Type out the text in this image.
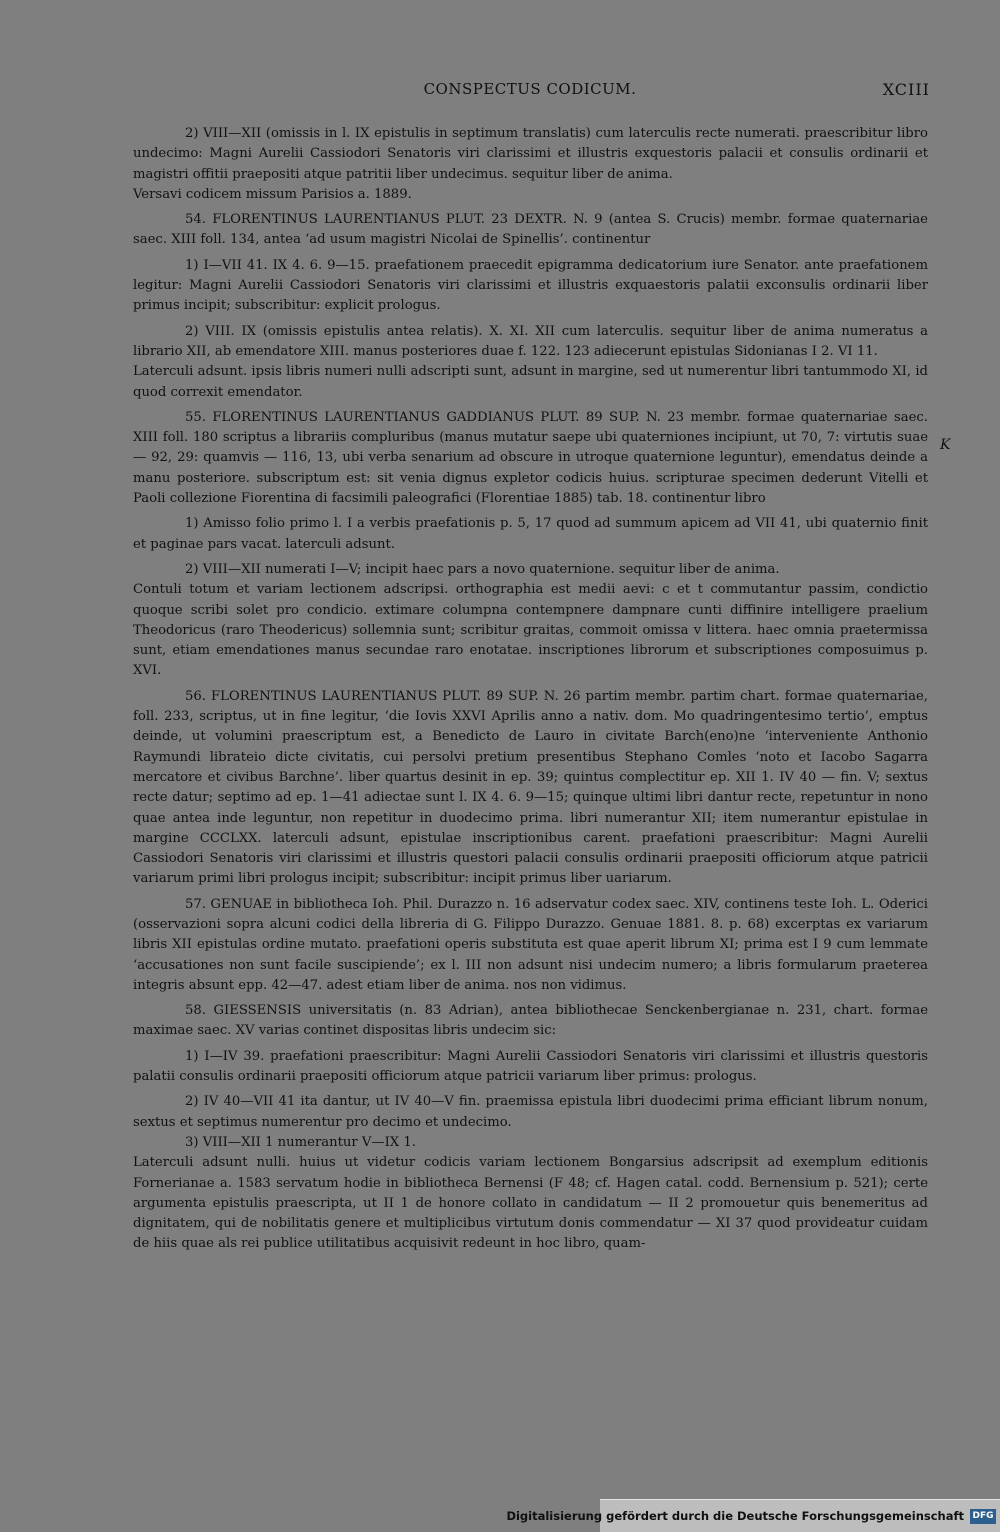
CONSPECTUS CODICUM.	XCIII
K

2) VIII—XII (omissis in l. IX epistulis in septimum translatis) cum laterculis recte numerati. praescribitur libro undecimo: Magni Aurelii Cassiodori Senatoris viri clarissimi et illustris exquestoris palacii et consulis ordinarii et magistri offitii praepositi atque patritii liber undecimus. sequitur liber de anima.

Versavi codicem missum Parisios a. 1889.

54. FLORENTINUS LAURENTIANUS PLUT. 23 DEXTR. N. 9 (antea S. Crucis) membr. formae quaternariae saec. XIII foll. 134, antea ‘ad usum magistri Nicolai de Spinellis’. continentur

1) I—VII 41. IX 4. 6. 9—15. praefationem praecedit epigramma dedicatorium iure Senator. ante praefationem legitur: Magni Aurelii Cassiodori Senatoris viri clarissimi et illustris exquaestoris palatii exconsulis ordinarii liber primus incipit; subscribitur: explicit prologus.

2) VIII. IX (omissis epistulis antea relatis). X. XI. XII cum laterculis. sequitur liber de anima numeratus a librario XII, ab emendatore XIII. manus posteriores duae f. 122. 123 adiecerunt epistulas Sidonianas I 2. VI 11.

Laterculi adsunt. ipsis libris numeri nulli adscripti sunt, adsunt in margine, sed ut numerentur libri tantummodo XI, id quod correxit emendator.

55. FLORENTINUS LAURENTIANUS GADDIANUS PLUT. 89 SUP. N. 23 membr. formae quaternariae saec. XIII foll. 180 scriptus a librariis compluribus (manus mutatur saepe ubi quaterniones incipiunt, ut 70, 7: virtutis suae — 92, 29: quamvis — 116, 13, ubi verba senarium ad obscure in utroque quaternione leguntur), emendatus deinde a manu posteriore. subscriptum est: sit venia dignus expletor codicis huius. scripturae specimen dederunt Vitelli et Paoli collezione Fiorentina di facsimili paleografici (Florentiae 1885) tab. 18. continentur libro

1) Amisso folio primo l. I a verbis praefationis p. 5, 17 quod ad summum apicem ad VII 41, ubi quaternio finit et paginae pars vacat. laterculi adsunt.

2) VIII—XII numerati I—V; incipit haec pars a novo quaternione. sequitur liber de anima.

Contuli totum et variam lectionem adscripsi. orthographia est medii aevi: c et t commutantur passim, condictio quoque scribi solet pro condicio. extimare columpna contempnere dampnare cunti diffinire intelligere praelium Theodoricus (raro Theodericus) sollemnia sunt; scribitur graitas, commoit omissa v littera. haec omnia praetermissa sunt, etiam emendationes manus secundae raro enotatae. inscriptiones librorum et subscriptiones composuimus p. XVI.

56. FLORENTINUS LAURENTIANUS PLUT. 89 SUP. N. 26 partim membr. partim chart. formae quaternariae, foll. 233, scriptus, ut in fine legitur, ‘die Iovis XXVI Aprilis anno a nativ. dom. Mo quadringentesimo tertio’, emptus deinde, ut volumini praescriptum est, a Benedicto de Lauro in civitate Barch(eno)ne ‘interveniente Anthonio Raymundi librateio dicte civitatis, cui persolvi pretium presentibus Stephano Comles ‘noto et Iacobo Sagarra mercatore et civibus Barchne’. liber quartus desinit in ep. 39; quintus complectitur ep. XII 1. IV 40 — fin. V; sextus recte datur; septimo ad ep. 1—41 adiectae sunt l. IX 4. 6. 9—15; quinque ultimi libri dantur recte, repetuntur in nono quae antea inde leguntur, non repetitur in duodecimo prima. libri numerantur XII; item numerantur epistulae in margine CCCLXX. laterculi adsunt, epistulae inscriptionibus carent. praefationi praescribitur: Magni Aurelii Cassiodori Senatoris viri clarissimi et illustris questori palacii consulis ordinarii praepositi officiorum atque patricii variarum primi libri prologus incipit; subscribitur: incipit primus liber uariarum.

57. GENUAE in bibliotheca Ioh. Phil. Durazzo n. 16 adservatur codex saec. XIV, continens teste Ioh. L. Oderici (osservazioni sopra alcuni codici della libreria di G. Filippo Durazzo. Genuae 1881. 8. p. 68) excerptas ex variarum libris XII epistulas ordine mutato. praefationi operis substituta est quae aperit librum XI; prima est I 9 cum lemmate ‘accusationes non sunt facile suscipiende’; ex l. III non adsunt nisi undecim numero; a libris formularum praeterea integris absunt epp. 42—47. adest etiam liber de anima. nos non vidimus.

58. GIESSENSIS universitatis (n. 83 Adrian), antea bibliothecae Senckenbergianae n. 231, chart. formae maximae saec. XV varias continet dispositas libris undecim sic:

1) I—IV 39. praefationi praescribitur: Magni Aurelii Cassiodori Senatoris viri clarissimi et illustris questoris palatii consulis ordinarii praepositi officiorum atque patricii variarum liber primus: prologus.

2) IV 40—VII 41 ita dantur, ut IV 40—V fin. praemissa epistula libri duodecimi prima efficiant librum nonum, sextus et septimus numerentur pro decimo et undecimo.

3) VIII—XII 1 numerantur V—IX 1.

Laterculi adsunt nulli. huius ut videtur codicis variam lectionem Bongarsius adscripsit ad exemplum editionis Fornerianae a. 1583 servatum hodie in bibliotheca Bernensi (F 48; cf. Hagen catal. codd. Bernensium p. 521); certe argumenta epistulis praescripta, ut II 1 de honore collato in candidatum — II 2 promouetur quis benemeritus ad dignitatem, qui de nobilitatis genere et multiplicibus virtutum donis commendatur — XI 37 quod provideatur cuidam de hiis quae als rei publice utilitatibus acquisivit redeunt in hoc libro, quam-

Digitalisierung gefördert durch die Deutsche Forschungsgemeinschaft DFG
